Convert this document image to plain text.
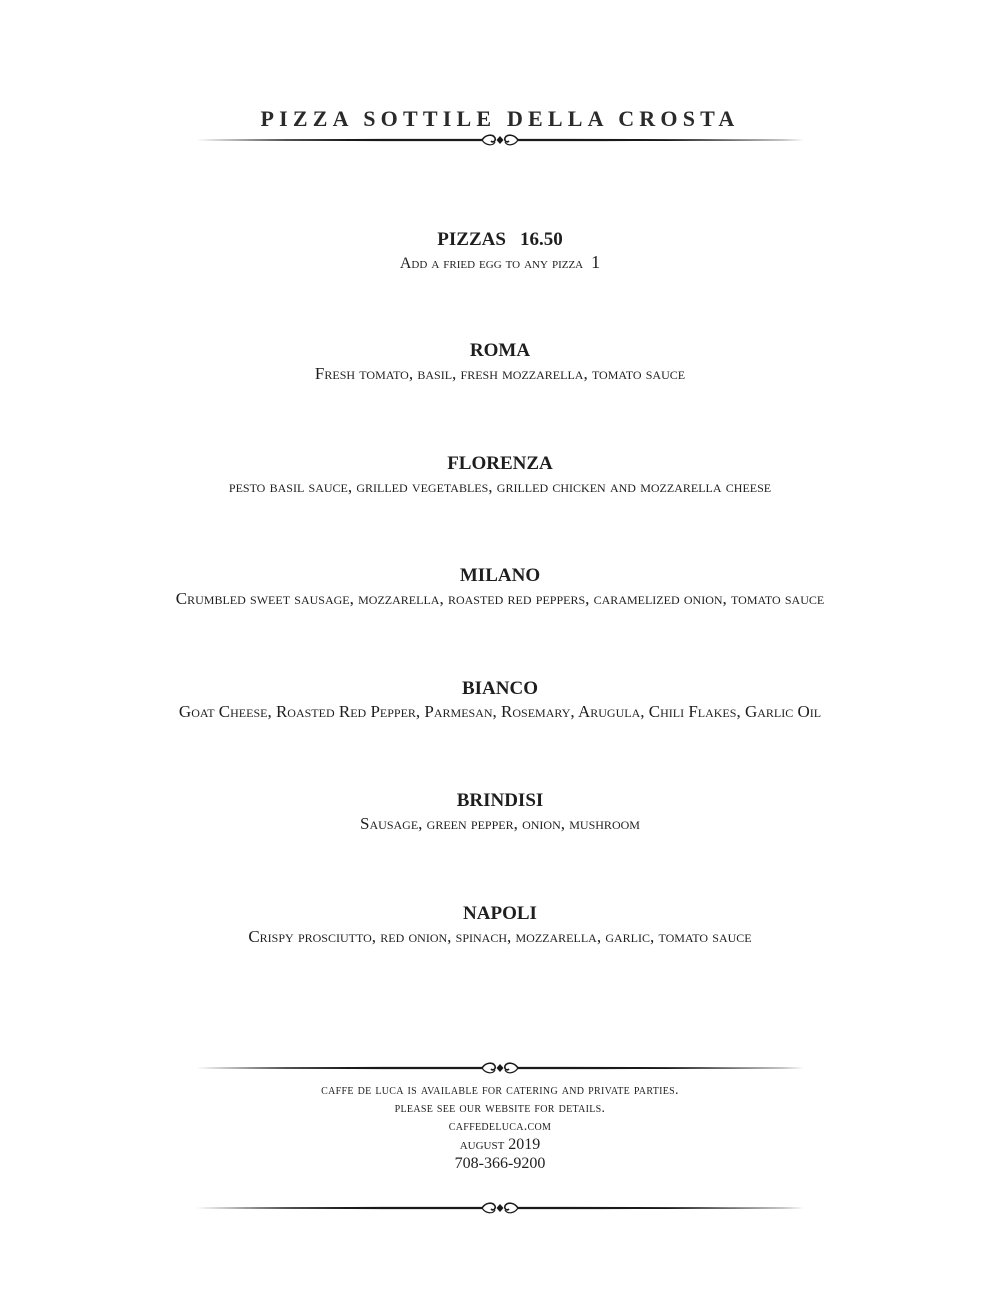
PIZZA SOTTILE DELLA CROSTA
PIZZAS 16.50
Add a fried egg to any pizza 1
ROMA
Fresh tomato, basil, fresh mozzarella, tomato sauce
FLORENZA
pesto basil sauce, grilled vegetables, grilled chicken and mozzarella cheese
MILANO
Crumbled sweet sausage, mozzarella, roasted red peppers, caramelized onion, tomato sauce
BIANCO
Goat Cheese, Roasted Red Pepper, Parmesan, Rosemary, Arugula, Chili Flakes, Garlic Oil
BRINDISI
Sausage, green pepper, onion, mushroom
NAPOLI
Crispy prosciutto, red onion, spinach, mozzarella, garlic, tomato sauce
caffe de luca is available for catering and private parties.
please see our website for details.
caffedeluca.com
august 2019
708-366-9200
